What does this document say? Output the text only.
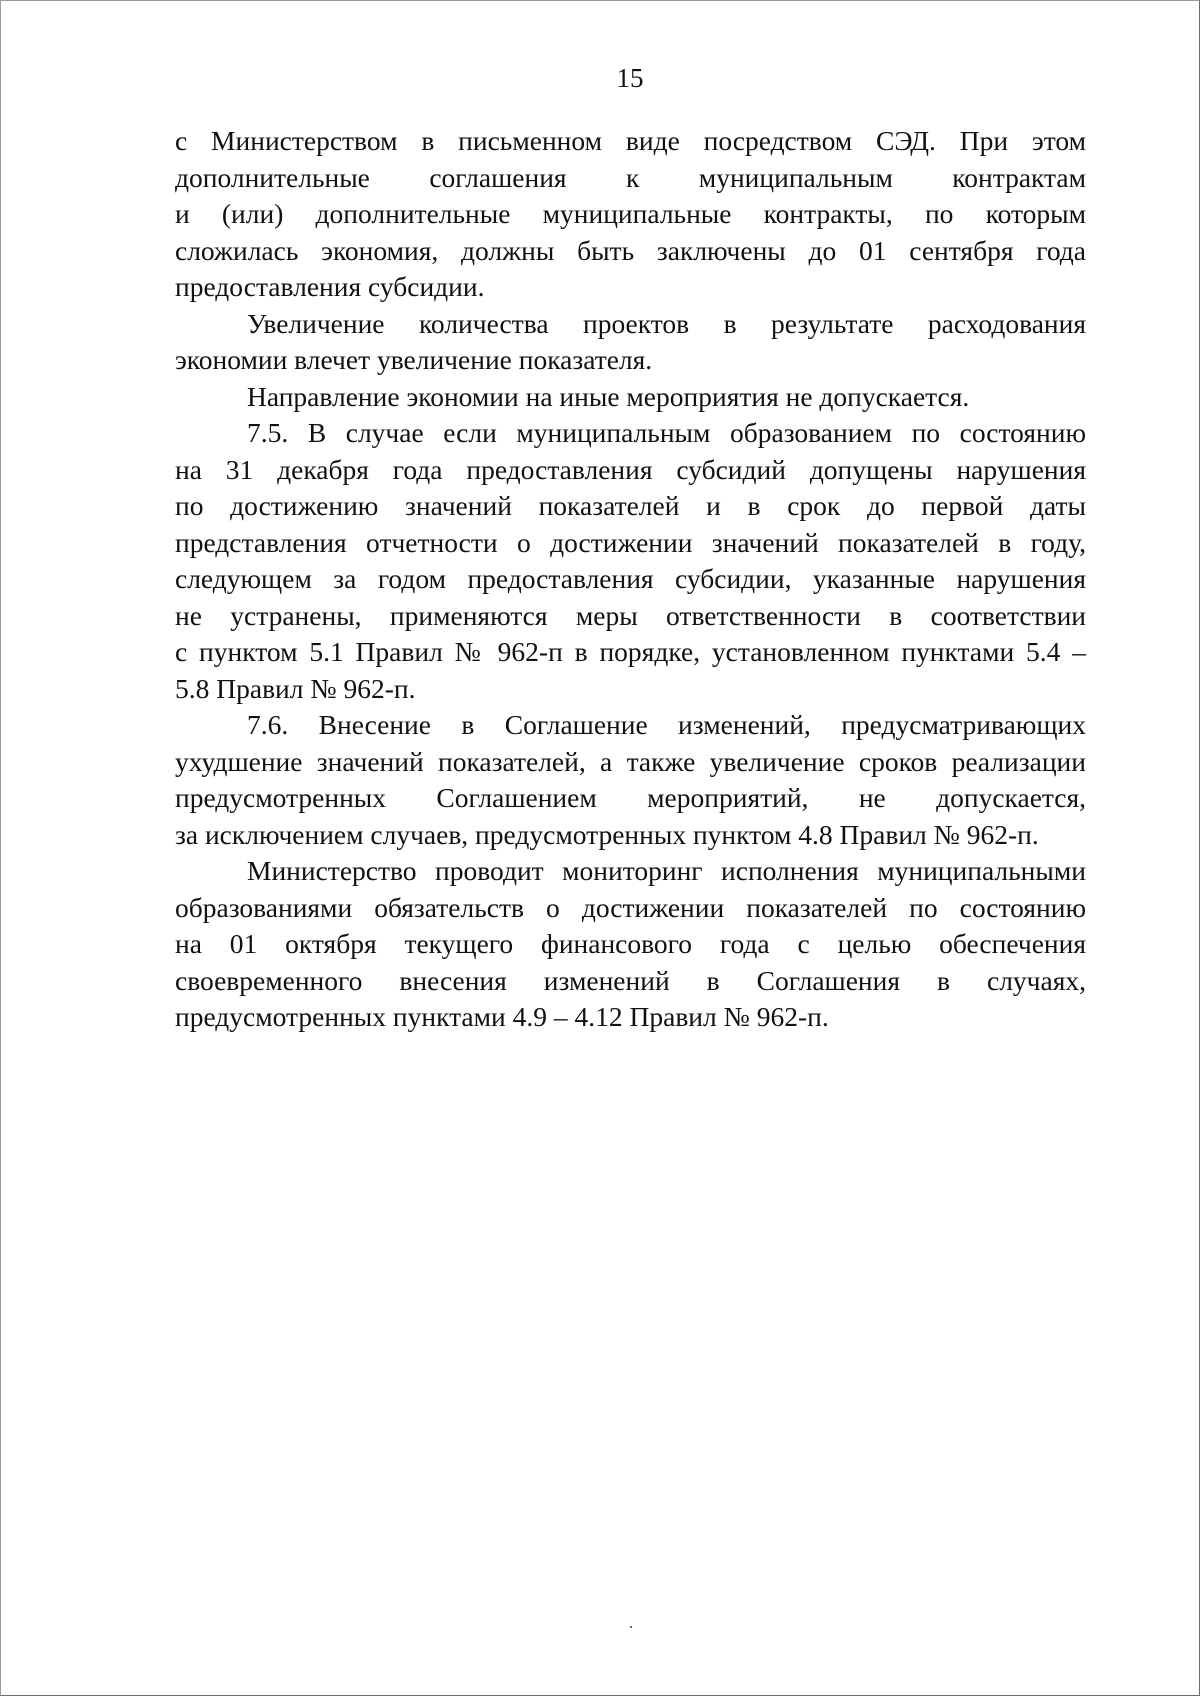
15
с Министерством в письменном виде посредством СЭД. При этом
дополнительные соглашения к муниципальным контрактам
и (или) дополнительные муниципальные контракты, по которым
сложилась экономия, должны быть заключены до 01 сентября года
предоставления субсидии.
Увеличение количества проектов в результате расходования
экономии влечет увеличение показателя.
Направление экономии на иные мероприятия не допускается.
7.5. В случае если муниципальным образованием по состоянию
на 31 декабря года предоставления субсидий допущены нарушения
по достижению значений показателей и в срок до первой даты
представления отчетности о достижении значений показателей в году,
следующем за годом предоставления субсидии, указанные нарушения
не устранены, применяются меры ответственности в соответствии
с пунктом 5.1 Правил № 962-п в порядке, установленном пунктами 5.4 –
5.8 Правил № 962-п.
7.6. Внесение в Соглашение изменений, предусматривающих
ухудшение значений показателей, а также увеличение сроков реализации
предусмотренных Соглашением мероприятий, не допускается,
за исключением случаев, предусмотренных пунктом 4.8 Правил № 962-п.
Министерство проводит мониторинг исполнения муниципальными
образованиями обязательств о достижении показателей по состоянию
на 01 октября текущего финансового года с целью обеспечения
своевременного внесения изменений в Соглашения в случаях,
предусмотренных пунктами 4.9 – 4.12 Правил № 962-п.
